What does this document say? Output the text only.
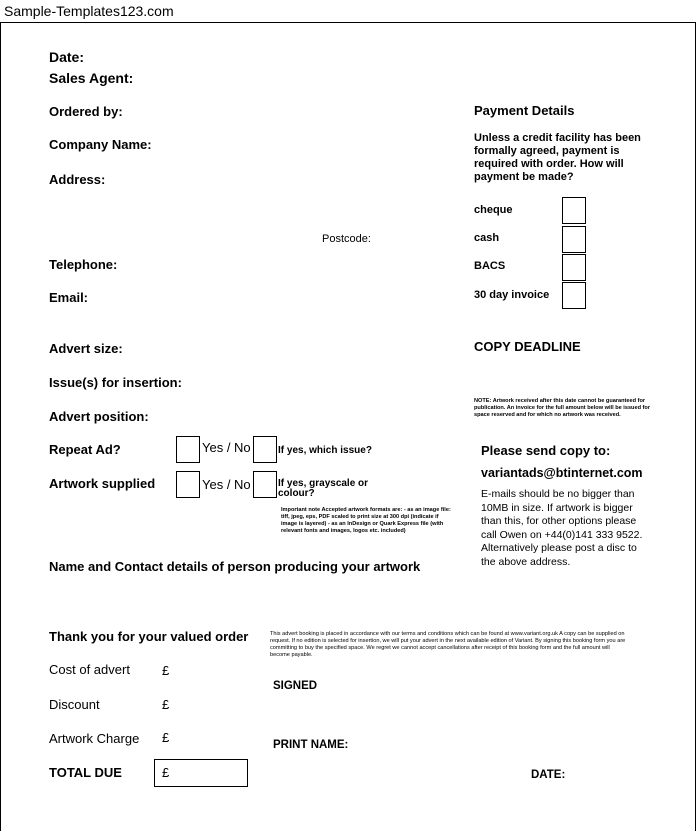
Sample-Templates123.com
Date:
Sales Agent:
Ordered by:
Company Name:
Address:
Postcode:
Telephone:
Email:
Advert size:
Issue(s) for insertion:
Advert position:
Repeat Ad?	Yes / No	If yes, which issue?
Artwork supplied	Yes / No	If yes, grayscale or colour?
Important note Accepted artwork formats are: - as an image file: tiff, jpeg, eps, PDF scaled to print size at 300 dpi (indicate if image is layered) - as an InDesign or Quark Express file (with relevant fonts and images, logos etc. included)
Name and Contact details of person producing your artwork
Payment Details
Unless a credit facility has been formally agreed, payment is required with order. How will payment be made?
cheque
cash
BACS
30 day invoice
COPY DEADLINE
NOTE: Artwork received after this date cannot be guaranteed for publication. An invoice for the full amount below will be issued for space reserved and for which no artwork was received.
Please send copy to:
variantads@btinternet.com
E-mails should be no bigger than 10MB in size. If artwork is bigger than this, for other options please call Owen on +44(0)141 333 9522. Alternatively please post a disc to the above address.
Thank you for your valued order
Cost of advert £
Discount	£
Artwork Charge £
TOTAL DUE	£
This advert booking is placed in accordance with our terms and conditions which can be found at www.variant.org.uk A copy can be supplied on request. If no edition is selected for insertion, we will put your advert in the next available edition of Variant. By signing this booking form you are committing to buy the specified space. We regret we cannot accept cancellations after receipt of this booking form and the full amount will become payable.
SIGNED
PRINT NAME:
DATE:
